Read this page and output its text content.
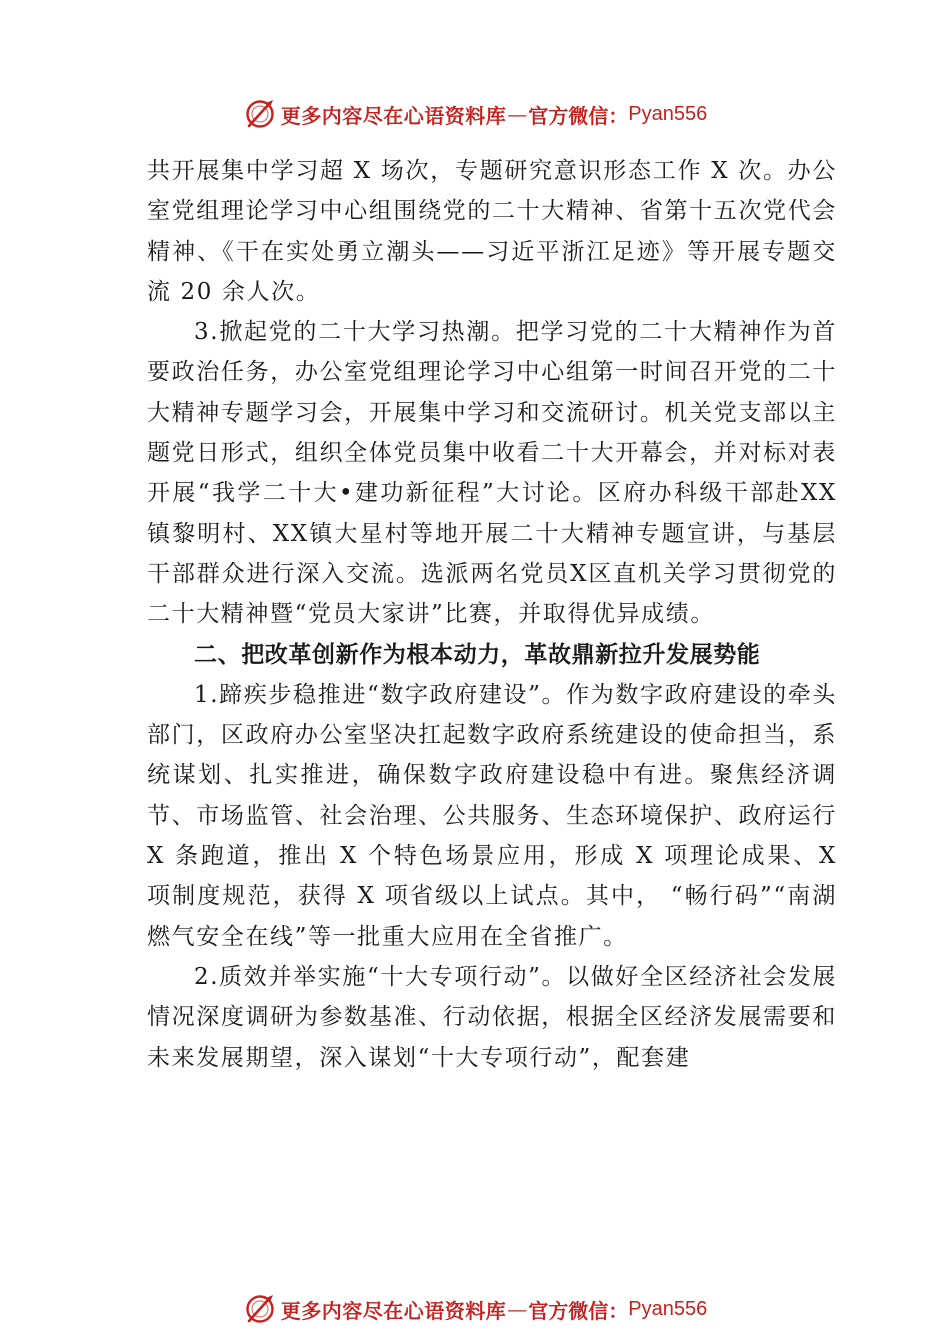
更多内容尽在心语资料库 — 官方微信： Pyan556

共开展集中学习超 X 场次，专题研究意识形态工作 X 次。办公室党组理论学习中心组围绕党的二十大精神、省第十五次党代会精神、《干在实处勇立潮头——习近平浙江足迹》等开展专题交流 20 余人次。

3.掀起党的二十大学习热潮。把学习党的二十大精神作为首要政治任务，办公室党组理论学习中心组第一时间召开党的二十大精神专题学习会，开展集中学习和交流研讨。机关党支部以主题党日形式，组织全体党员集中收看二十大开幕会，并对标对表开展“我学二十大•建功新征程”大讨论。区府办科级干部赴XX镇黎明村、XX镇大星村等地开展二十大精神专题宣讲，与基层干部群众进行深入交流。选派两名党员X区直机关学习贯彻党的二十大精神暨“党员大家讲”比赛，并取得优异成绩。

二、把改革创新作为根本动力，革故鼎新拉升发展势能

1.蹄疾步稳推进“数字政府建设”。作为数字政府建设的牵头部门，区政府办公室坚决扛起数字政府系统建设的使命担当，系统谋划、扎实推进，确保数字政府建设稳中有进。聚焦经济调节、市场监管、社会治理、公共服务、生态环境保护、政府运行 X 条跑道，推出 X 个特色场景应用，形成 X 项理论成果、X 项制度规范，获得 X 项省级以上试点。其中， “畅行码”“南湖燃气安全在线”等一批重大应用在全省推广。

2.质效并举实施“十大专项行动”。以做好全区经济社会发展情况深度调研为参数基准、行动依据，根据全区经济发展需要和未来发展期望，深入谋划“十大专项行动”，配套建

更多内容尽在心语资料库 — 官方微信： Pyan556
